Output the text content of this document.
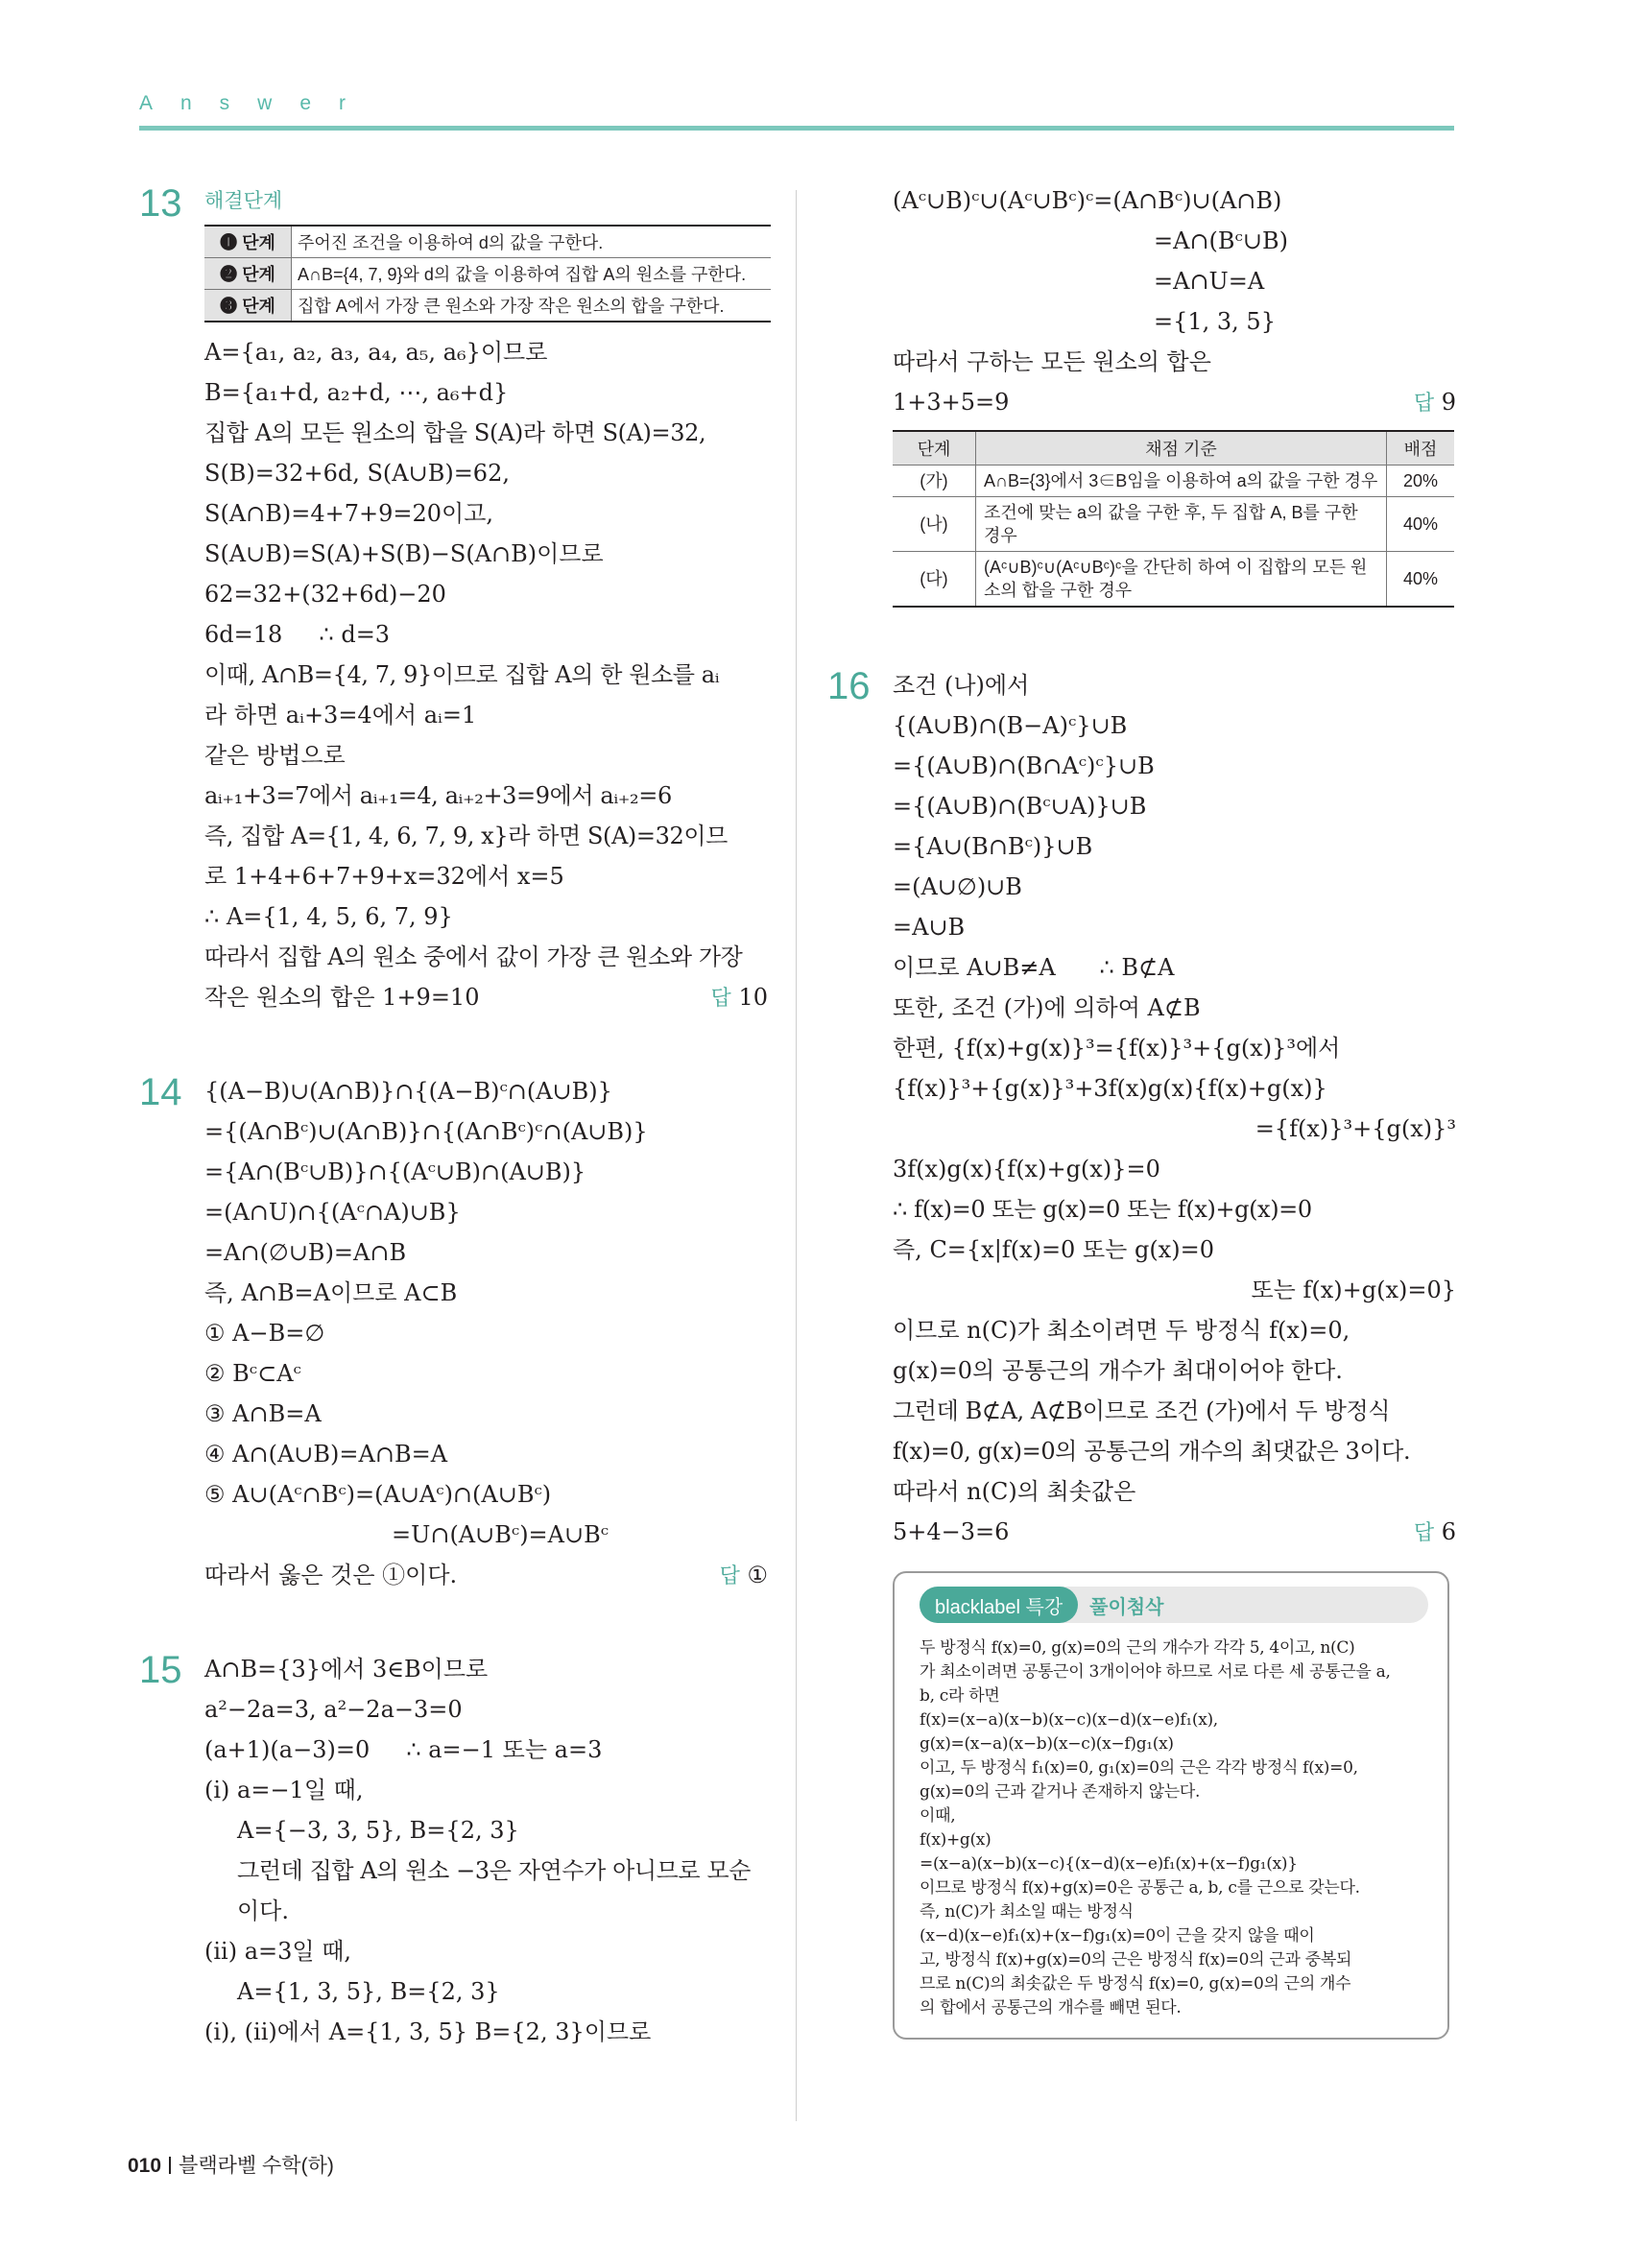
Answer
13 해결단계
❶ 단계	주어진 조건을 이용하여 d의 값을 구한다.
❷ 단계	A∩B={4, 7, 9}와 d의 값을 이용하여 집합 A의 원소를 구한다.
❸ 단계	집합 A에서 가장 큰 원소와 가장 작은 원소의 합을 구한다.
A={a₁, a₂, a₃, a₄, a₅, a₆}이므로
B={a₁+d, a₂+d, ⋯, a₆+d}
집합 A의 모든 원소의 합을 S(A)라 하면 S(A)=32,
S(B)=32+6d, S(A∪B)=62,
S(A∩B)=4+7+9=20이고,
S(A∪B)=S(A)+S(B)−S(A∩B)이므로
62=32+(32+6d)−20
6d=18     ∴ d=3
이때, A∩B={4, 7, 9}이므로 집합 A의 한 원소를 aᵢ
라 하면 aᵢ+3=4에서 aᵢ=1
같은 방법으로
aᵢ₊₁+3=7에서 aᵢ₊₁=4, aᵢ₊₂+3=9에서 aᵢ₊₂=6
즉, 집합 A={1, 4, 6, 7, 9, x}라 하면 S(A)=32이므
로 1+4+6+7+9+x=32에서 x=5
∴ A={1, 4, 5, 6, 7, 9}
따라서 집합 A의 원소 중에서 값이 가장 큰 원소와 가장
작은 원소의 합은 1+9=10	답 10
14 {(A−B)∪(A∩B)}∩{(A−B)ᶜ∩(A∪B)}
={(A∩Bᶜ)∪(A∩B)}∩{(A∩Bᶜ)ᶜ∩(A∪B)}
={A∩(Bᶜ∪B)}∩{(Aᶜ∪B)∩(A∪B)}
=(A∩U)∩{(Aᶜ∩A)∪B}
=A∩(∅∪B)=A∩B
즉, A∩B=A이므로 A⊂B
① A−B=∅
② Bᶜ⊂Aᶜ
③ A∩B=A
④ A∩(A∪B)=A∩B=A
⑤ A∪(Aᶜ∩Bᶜ)=(A∪Aᶜ)∩(A∪Bᶜ)
=U∩(A∪Bᶜ)=A∪Bᶜ
따라서 옳은 것은 ①이다.	답 ①
15 A∩B={3}에서 3∈B이므로
a²−2a=3, a²−2a−3=0
(a+1)(a−3)=0     ∴ a=−1 또는 a=3
(i) a=−1일 때,
A={−3, 3, 5}, B={2, 3}
그런데 집합 A의 원소 −3은 자연수가 아니므로 모순
이다.
(ii) a=3일 때,
A={1, 3, 5}, B={2, 3}
(i), (ii)에서 A={1, 3, 5} B={2, 3}이므로
(Aᶜ∪B)ᶜ∪(Aᶜ∪Bᶜ)ᶜ=(A∩Bᶜ)∪(A∩B)
=A∩(Bᶜ∪B)
=A∩U=A
={1, 3, 5}
따라서 구하는 모든 원소의 합은
1+3+5=9	답 9
단계	채점 기준	배점
(가)	A∩B={3}에서 3∈B임을 이용하여 a의 값을 구한 경우	20%
(나)	조건에 맞는 a의 값을 구한 후, 두 집합 A, B를 구한 경우	40%
(다)	(Aᶜ∪B)ᶜ∪(Aᶜ∪Bᶜ)ᶜ을 간단히 하여 이 집합의 모든 원소의 합을 구한 경우	40%
16 조건 (나)에서
{(A∪B)∩(B−A)ᶜ}∪B
={(A∪B)∩(B∩Aᶜ)ᶜ}∪B
={(A∪B)∩(Bᶜ∪A)}∪B
={A∪(B∩Bᶜ)}∪B
=(A∪∅)∪B
=A∪B
이므로 A∪B≠A      ∴ B⊄A
또한, 조건 (가)에 의하여 A⊄B
한편, {f(x)+g(x)}³={f(x)}³+{g(x)}³에서
{f(x)}³+{g(x)}³+3f(x)g(x){f(x)+g(x)}
={f(x)}³+{g(x)}³
3f(x)g(x){f(x)+g(x)}=0
∴ f(x)=0 또는 g(x)=0 또는 f(x)+g(x)=0
즉, C={x|f(x)=0 또는 g(x)=0
또는 f(x)+g(x)=0}
이므로 n(C)가 최소이려면 두 방정식 f(x)=0,
g(x)=0의 공통근의 개수가 최대이어야 한다.
그런데 B⊄A, A⊄B이므로 조건 (가)에서 두 방정식
f(x)=0, g(x)=0의 공통근의 개수의 최댓값은 3이다.
따라서 n(C)의 최솟값은
5+4−3=6	답 6
blacklabel 특강	풀이첨삭
두 방정식 f(x)=0, g(x)=0의 근의 개수가 각각 5, 4이고, n(C)
가 최소이려면 공통근이 3개이어야 하므로 서로 다른 세 공통근을 a,
b, c라 하면
f(x)=(x−a)(x−b)(x−c)(x−d)(x−e)f₁(x),
g(x)=(x−a)(x−b)(x−c)(x−f)g₁(x)
이고, 두 방정식 f₁(x)=0, g₁(x)=0의 근은 각각 방정식 f(x)=0,
g(x)=0의 근과 같거나 존재하지 않는다.
이때,
f(x)+g(x)
=(x−a)(x−b)(x−c){(x−d)(x−e)f₁(x)+(x−f)g₁(x)}
이므로 방정식 f(x)+g(x)=0은 공통근 a, b, c를 근으로 갖는다.
즉, n(C)가 최소일 때는 방정식
(x−d)(x−e)f₁(x)+(x−f)g₁(x)=0이 근을 갖지 않을 때이
고, 방정식 f(x)+g(x)=0의 근은 방정식 f(x)=0의 근과 중복되
므로 n(C)의 최솟값은 두 방정식 f(x)=0, g(x)=0의 근의 개수
의 합에서 공통근의 개수를 빼면 된다.
010 블랙라벨 수학(하)
